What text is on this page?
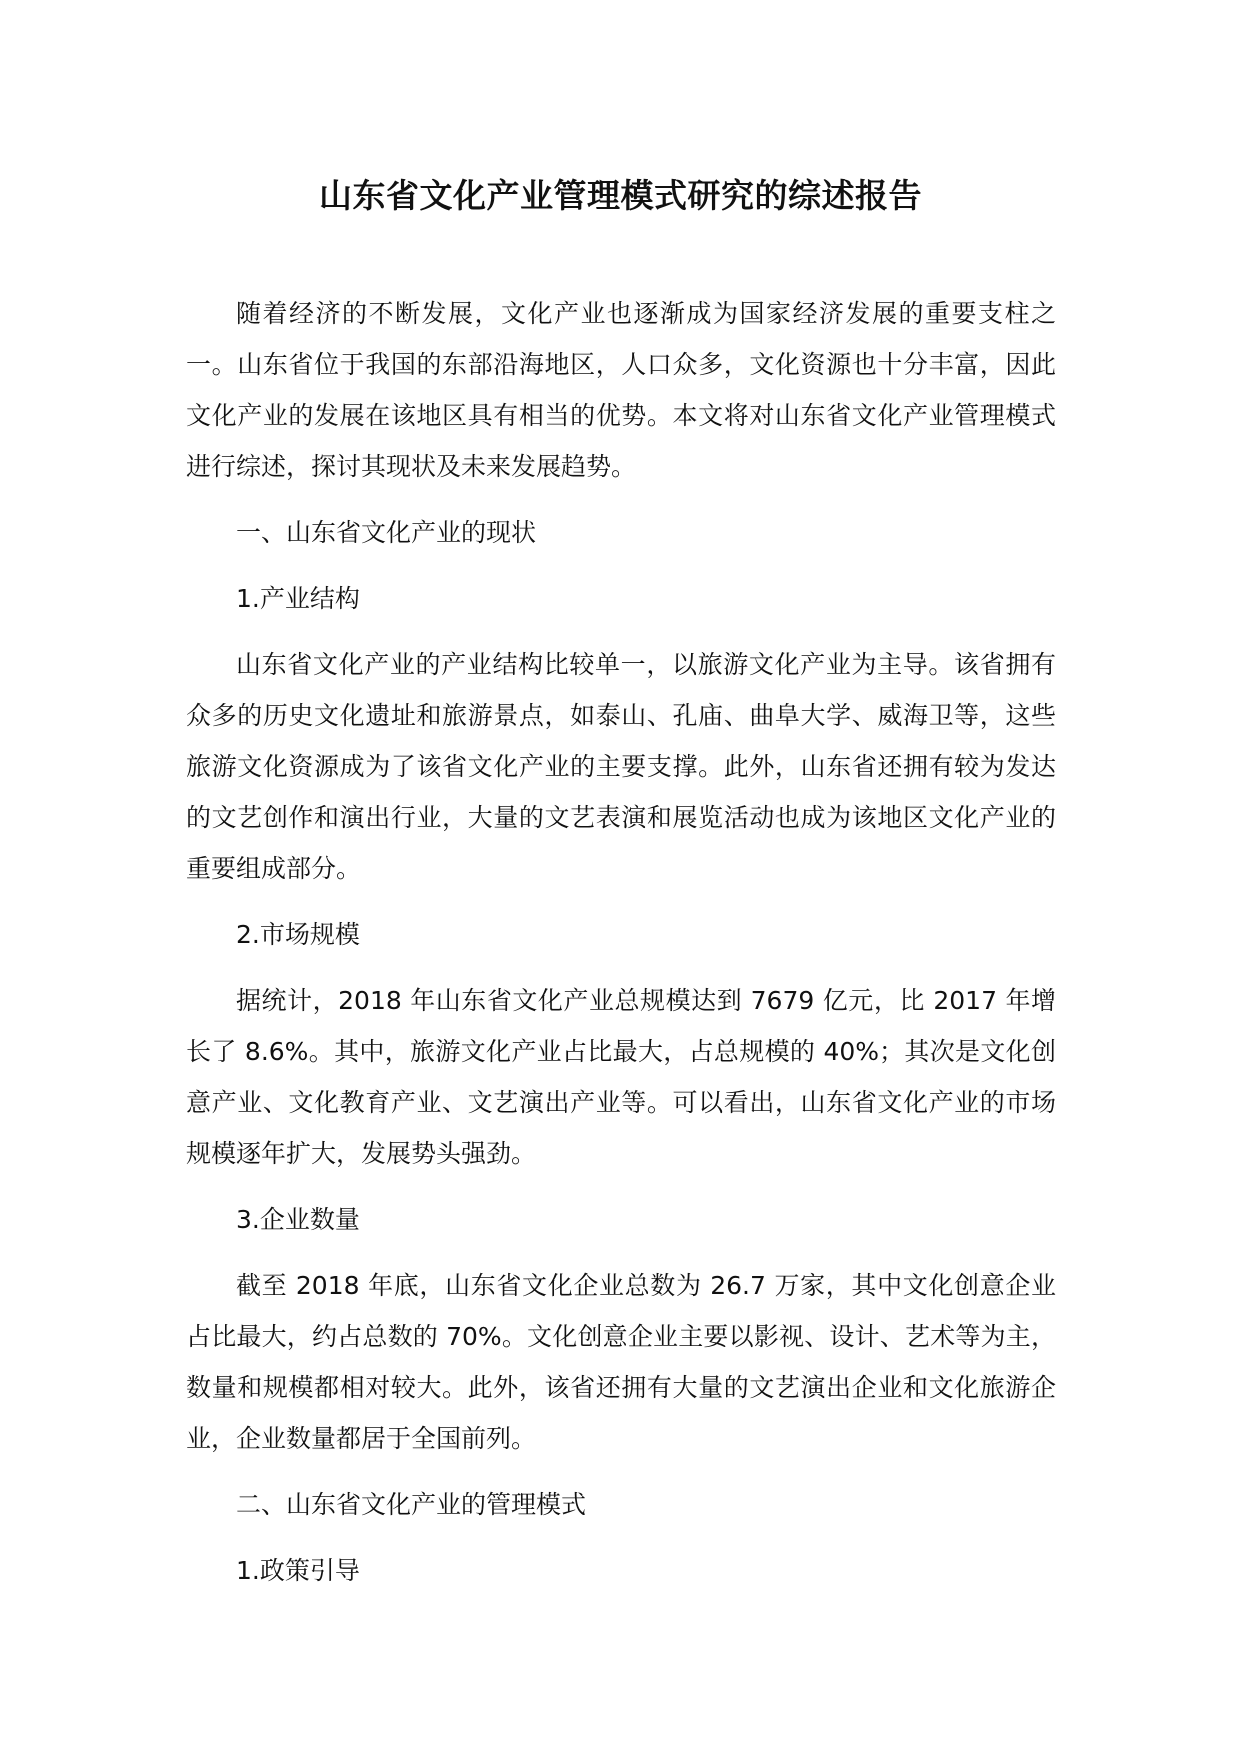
山东省文化产业管理模式研究的综述报告

随着经济的不断发展，文化产业也逐渐成为国家经济发展的重要支柱之一。山东省位于我国的东部沿海地区，人口众多，文化资源也十分丰富，因此文化产业的发展在该地区具有相当的优势。本文将对山东省文化产业管理模式进行综述，探讨其现状及未来发展趋势。

一、山东省文化产业的现状

1.产业结构

山东省文化产业的产业结构比较单一，以旅游文化产业为主导。该省拥有众多的历史文化遗址和旅游景点，如泰山、孔庙、曲阜大学、威海卫等，这些旅游文化资源成为了该省文化产业的主要支撑。此外，山东省还拥有较为发达的文艺创作和演出行业，大量的文艺表演和展览活动也成为该地区文化产业的重要组成部分。

2.市场规模

据统计，2018 年山东省文化产业总规模达到 7679 亿元，比 2017 年增长了 8.6%。其中，旅游文化产业占比最大，占总规模的 40%；其次是文化创意产业、文化教育产业、文艺演出产业等。可以看出，山东省文化产业的市场规模逐年扩大，发展势头强劲。

3.企业数量

截至 2018 年底，山东省文化企业总数为 26.7 万家，其中文化创意企业占比最大，约占总数的 70%。文化创意企业主要以影视、设计、艺术等为主，数量和规模都相对较大。此外，该省还拥有大量的文艺演出企业和文化旅游企业，企业数量都居于全国前列。

二、山东省文化产业的管理模式

1.政策引导
